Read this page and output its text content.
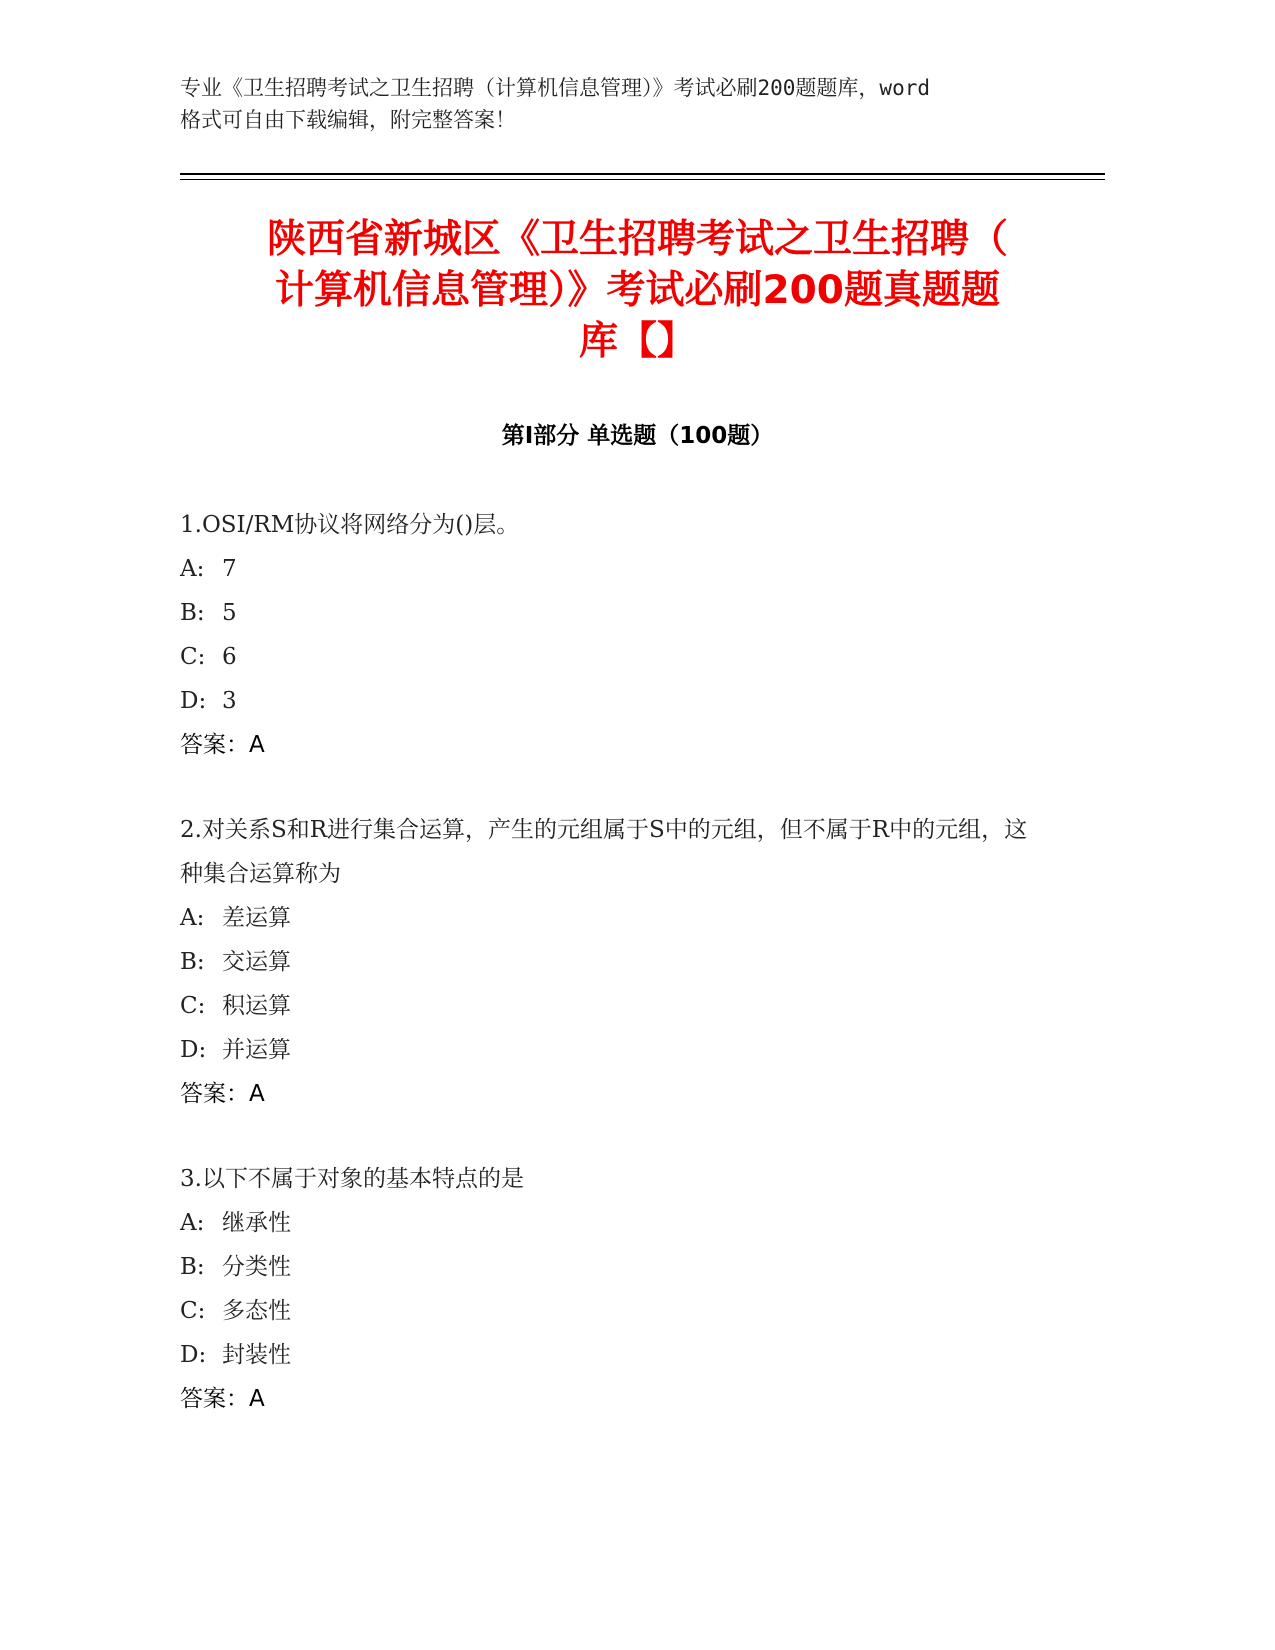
专业《卫生招聘考试之卫生招聘（计算机信息管理）》考试必刷200题题库，word
格式可自由下载编辑，附完整答案！
陕西省新城区《卫生招聘考试之卫生招聘（
计算机信息管理）》考试必刷200题真题题
库【】
第Ⅰ部分 单选题（100题）
1.OSI/RM协议将网络分为()层。
A: 7
B: 5
C: 6
D: 3
答案：A
2.对关系S和R进行集合运算，产生的元组属于S中的元组，但不属于R中的元组，这种集合运算称为
A: 差运算
B: 交运算
C: 积运算
D: 并运算
答案：A
3.以下不属于对象的基本特点的是
A: 继承性
B: 分类性
C: 多态性
D: 封装性
答案：A
